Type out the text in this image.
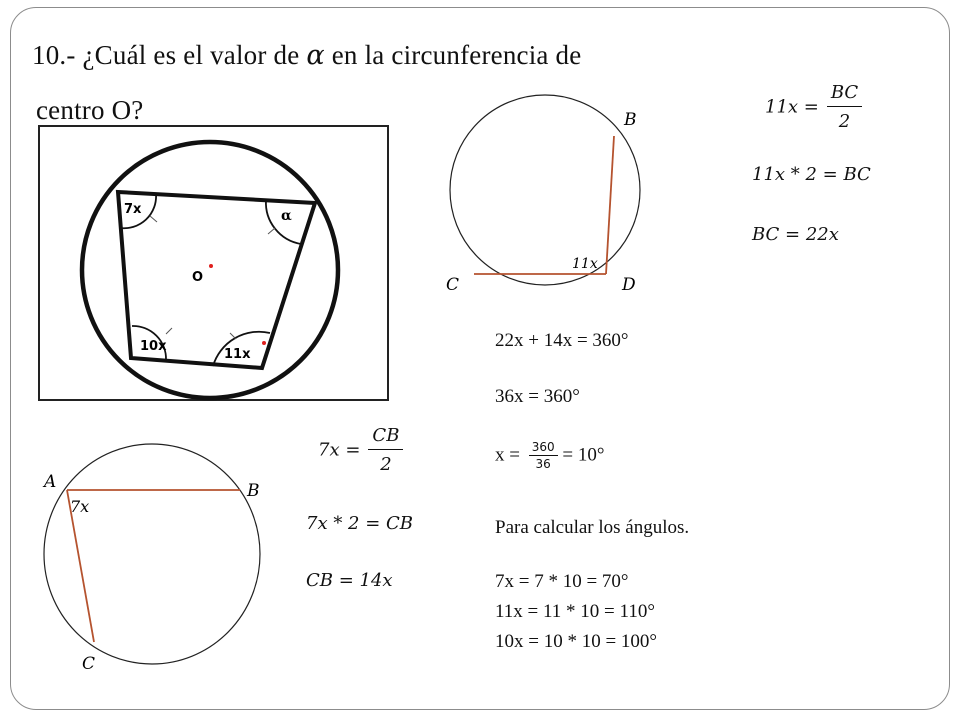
10.- ¿Cuál es el valor de α en la circunferencia de
centro O?
7x	α
10x
11x
O
B
C	D
11x
A	B
C
7x
$11x = \frac{BC}{2}$
11x * 2 = BC
BC = 22x
$7x = \frac{CB}{2}$
7x * 2 = CB
CB = 14x
22x + 14x = 360°
36x = 360°
$x = \frac{360}{36} = 10^\circ$
Para calcular los ángulos.
7x = 7 * 10 = 70°
11x = 11 * 10 = 110°
10x = 10 * 10 = 100°
